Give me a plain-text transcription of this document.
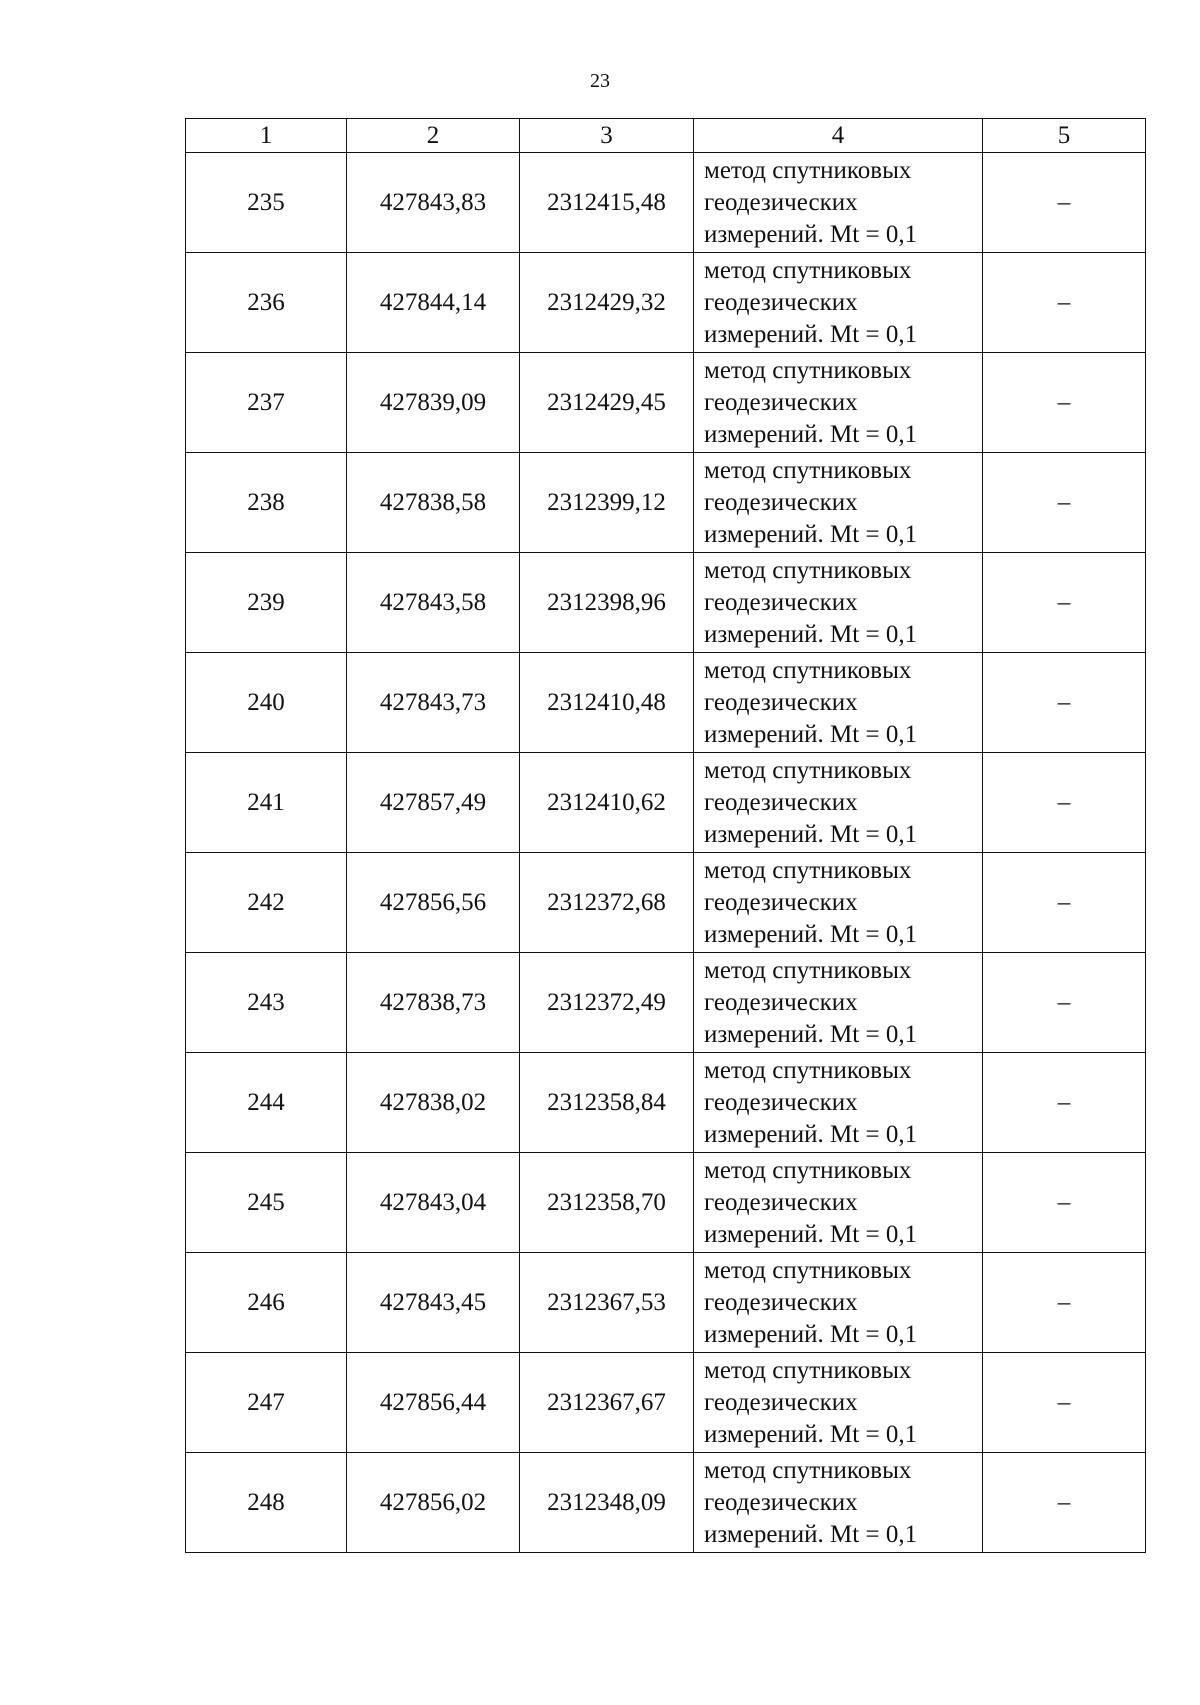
23
1	2	3	4	5
235	427843,83	2312415,48	метод спутниковых
геодезических
измерений. Mt = 0,1	–
236	427844,14	2312429,32	метод спутниковых
геодезических
измерений. Mt = 0,1	–
237	427839,09	2312429,45	метод спутниковых
геодезических
измерений. Mt = 0,1	–
238	427838,58	2312399,12	метод спутниковых
геодезических
измерений. Mt = 0,1	–
239	427843,58	2312398,96	метод спутниковых
геодезических
измерений. Mt = 0,1	–
240	427843,73	2312410,48	метод спутниковых
геодезических
измерений. Mt = 0,1	–
241	427857,49	2312410,62	метод спутниковых
геодезических
измерений. Mt = 0,1	–
242	427856,56	2312372,68	метод спутниковых
геодезических
измерений. Mt = 0,1	–
243	427838,73	2312372,49	метод спутниковых
геодезических
измерений. Mt = 0,1	–
244	427838,02	2312358,84	метод спутниковых
геодезических
измерений. Mt = 0,1	–
245	427843,04	2312358,70	метод спутниковых
геодезических
измерений. Mt = 0,1	–
246	427843,45	2312367,53	метод спутниковых
геодезических
измерений. Mt = 0,1	–
247	427856,44	2312367,67	метод спутниковых
геодезических
измерений. Mt = 0,1	–
248	427856,02	2312348,09	метод спутниковых
геодезических
измерений. Mt = 0,1	–
